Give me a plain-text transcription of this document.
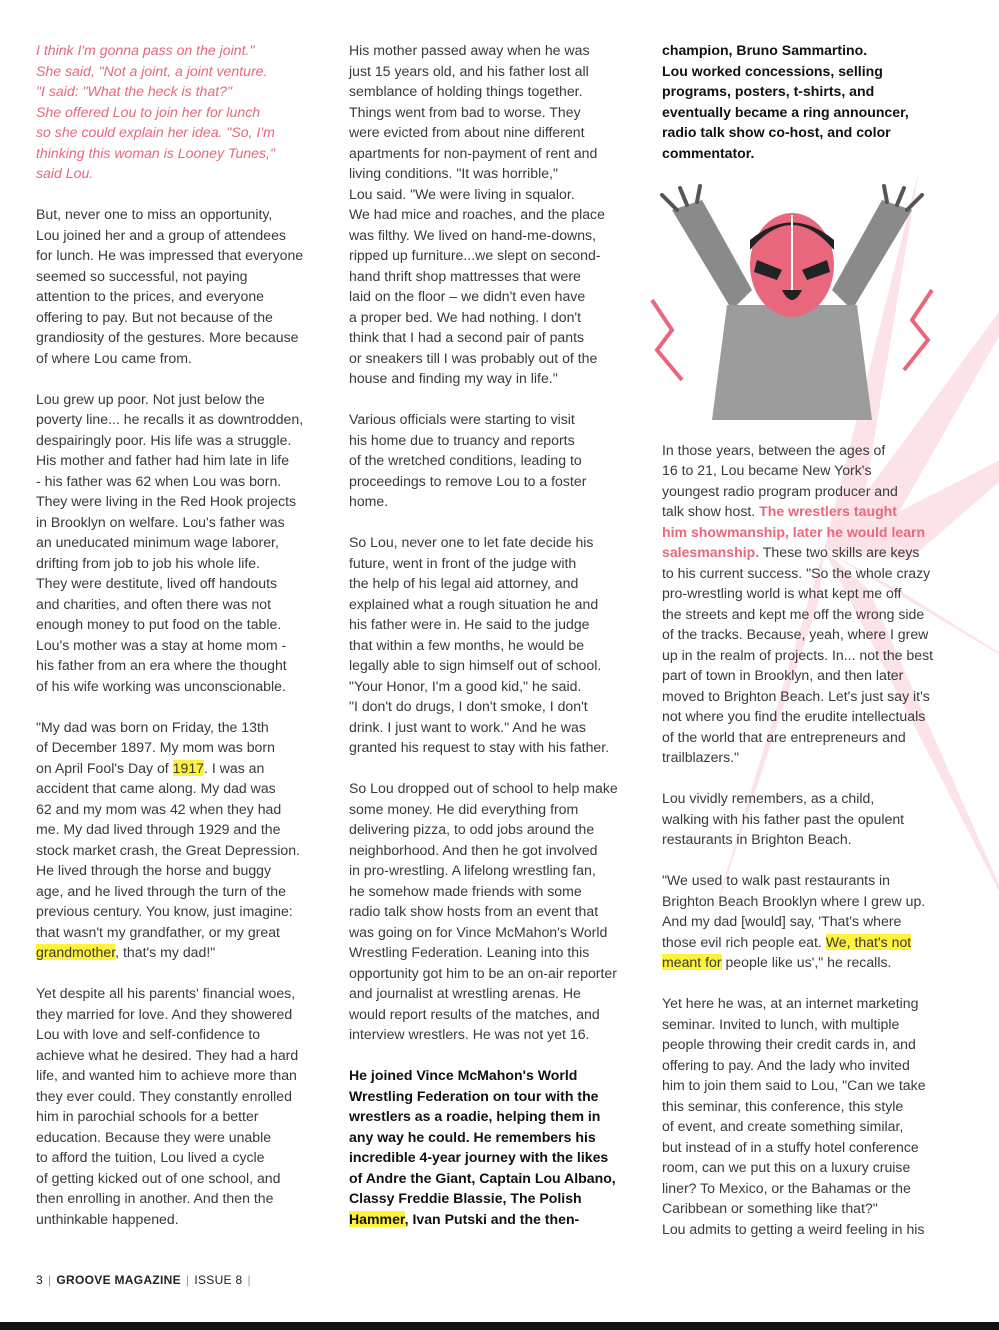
I think I'm gonna pass on the joint."
She said, "Not a joint, a joint venture.
"I said: "What the heck is that?"
She offered Lou to join her for lunch
so she could explain her idea. "So, I'm
thinking this woman is Looney Tunes,"
said Lou.

But, never one to miss an opportunity,
Lou joined her and a group of attendees
for lunch. He was impressed that everyone
seemed so successful, not paying
attention to the prices, and everyone
offering to pay. But not because of the
grandiosity of the gestures. More because
of where Lou came from.

Lou grew up poor. Not just below the
poverty line... he recalls it as downtrodden,
despairingly poor. His life was a struggle.
His mother and father had him late in life
- his father was 62 when Lou was born.
They were living in the Red Hook projects
in Brooklyn on welfare. Lou's father was
an uneducated minimum wage laborer,
drifting from job to job his whole life.
They were destitute, lived off handouts
and charities, and often there was not
enough money to put food on the table.
Lou's mother was a stay at home mom -
his father from an era where the thought
of his wife working was unconscionable.

"My dad was born on Friday, the 13th
of December 1897. My mom was born
on April Fool's Day of 1917. I was an
accident that came along. My dad was
62 and my mom was 42 when they had
me. My dad lived through 1929 and the
stock market crash, the Great Depression.
He lived through the horse and buggy
age, and he lived through the turn of the
previous century. You know, just imagine:
that wasn't my grandfather, or my great
grandmother, that's my dad!"

Yet despite all his parents' financial woes,
they married for love. And they showered
Lou with love and self-confidence to
achieve what he desired. They had a hard
life, and wanted him to achieve more than
they ever could. They constantly enrolled
him in parochial schools for a better
education. Because they were unable
to afford the tuition, Lou lived a cycle
of getting kicked out of one school, and
then enrolling in another. And then the
unthinkable happened.

His mother passed away when he was
just 15 years old, and his father lost all
semblance of holding things together.
Things went from bad to worse. They
were evicted from about nine different
apartments for non-payment of rent and
living conditions. "It was horrible,"
Lou said. "We were living in squalor.
We had mice and roaches, and the place
was filthy. We lived on hand-me-downs,
ripped up furniture...we slept on second-
hand thrift shop mattresses that were
laid on the floor – we didn't even have
a proper bed. We had nothing. I don't
think that I had a second pair of pants
or sneakers till I was probably out of the
house and finding my way in life."

Various officials were starting to visit
his home due to truancy and reports
of the wretched conditions, leading to
proceedings to remove Lou to a foster
home.

So Lou, never one to let fate decide his
future, went in front of the judge with
the help of his legal aid attorney, and
explained what a rough situation he and
his father were in. He said to the judge
that within a few months, he would be
legally able to sign himself out of school.
"Your Honor, I'm a good kid," he said.
"I don't do drugs, I don't smoke, I don't
drink. I just want to work." And he was
granted his request to stay with his father.

So Lou dropped out of school to help make
some money. He did everything from
delivering pizza, to odd jobs around the
neighborhood. And then he got involved
in pro-wrestling. A lifelong wrestling fan,
he somehow made friends with some
radio talk show hosts from an event that
was going on for Vince McMahon's World
Wrestling Federation. Leaning into this
opportunity got him to be an on-air reporter
and journalist at wrestling arenas. He
would report results of the matches, and
interview wrestlers. He was not yet 16.

He joined Vince McMahon's World
Wrestling Federation on tour with the
wrestlers as a roadie, helping them in
any way he could. He remembers his
incredible 4-year journey with the likes
of Andre the Giant, Captain Lou Albano,
Classy Freddie Blassie, The Polish
Hammer, Ivan Putski and the then-

champion, Bruno Sammartino.
Lou worked concessions, selling
programs, posters, t-shirts, and
eventually became a ring announcer,
radio talk show co-host, and color
commentator.

In those years, between the ages of
16 to 21, Lou became New York's
youngest radio program producer and
talk show host. The wrestlers taught
him showmanship, later he would learn
salesmanship. These two skills are keys
to his current success. "So the whole crazy
pro-wrestling world is what kept me off
the streets and kept me off the wrong side
of the tracks. Because, yeah, where I grew
up in the realm of projects. In... not the best
part of town in Brooklyn, and then later
moved to Brighton Beach. Let's just say it's
not where you find the erudite intellectuals
of the world that are entrepreneurs and
trailblazers."

Lou vividly remembers, as a child,
walking with his father past the opulent
restaurants in Brighton Beach.

"We used to walk past restaurants in
Brighton Beach Brooklyn where I grew up.
And my dad [would] say, 'That's where
those evil rich people eat. We, that's not
meant for people like us'," he recalls.

Yet here he was, at an internet marketing
seminar. Invited to lunch, with multiple
people throwing their credit cards in, and
offering to pay. And the lady who invited
him to join them said to Lou, "Can we take
this seminar, this conference, this style
of event, and create something similar,
but instead of in a stuffy hotel conference
room, can we put this on a luxury cruise
liner? To Mexico, or the Bahamas or the
Caribbean or something like that?"
Lou admits to getting a weird feeling in his

3 | GROOVE MAGAZINE | ISSUE 8 |
